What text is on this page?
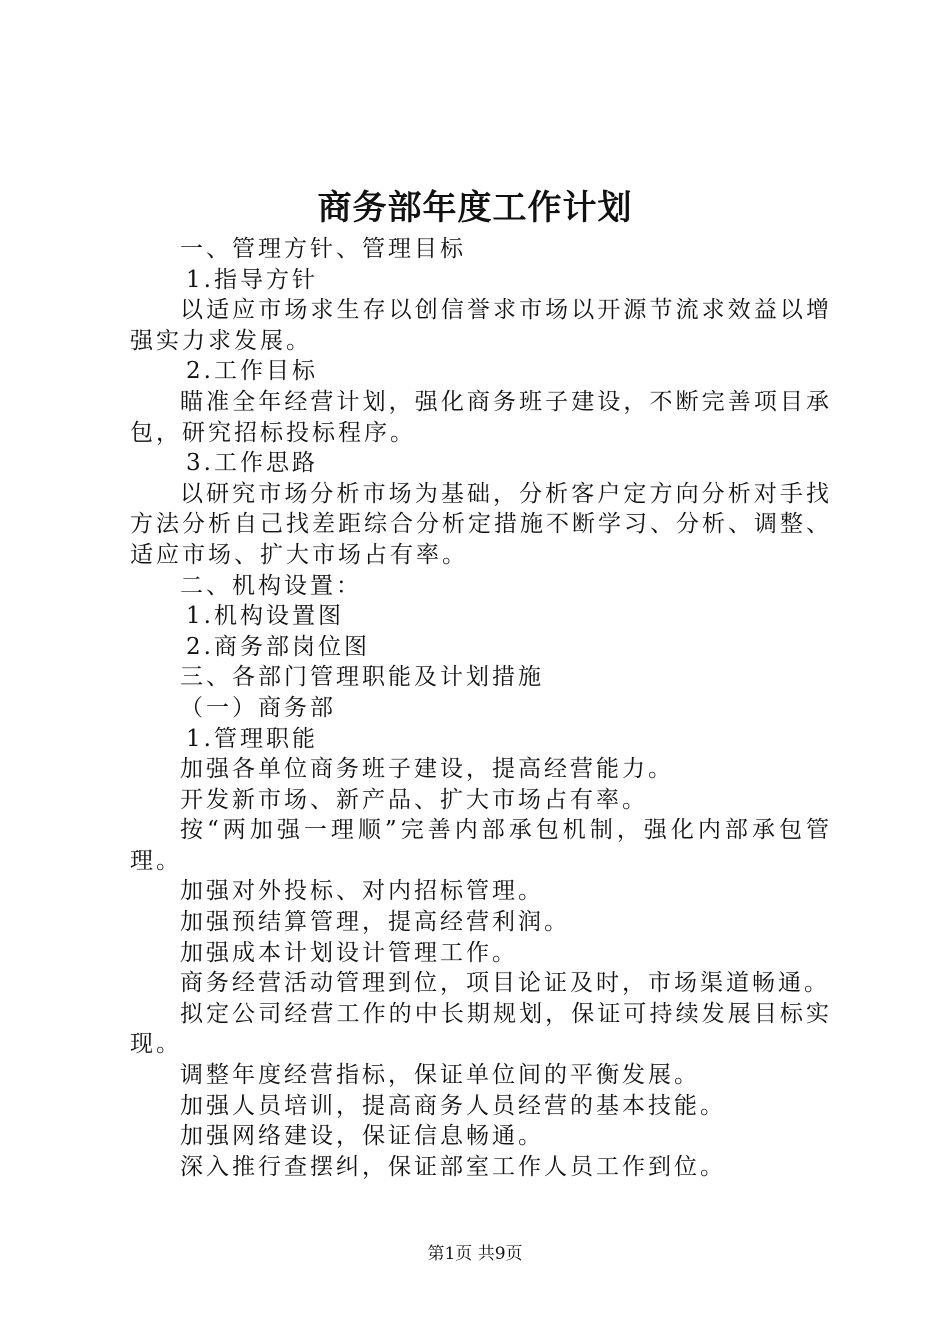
商务部年度工作计划

一、管理方针、管理目标

1.指导方针

以适应市场求生存以创信誉求市场以开源节流求效益以增强实力求发展。

2.工作目标

瞄准全年经营计划，强化商务班子建设，不断完善项目承包，研究招标投标程序。

3.工作思路

以研究市场分析市场为基础，分析客户定方向分析对手找方法分析自己找差距综合分析定措施不断学习、分析、调整、适应市场、扩大市场占有率。

二、机构设置：

1.机构设置图

2.商务部岗位图

三、各部门管理职能及计划措施

（一）商务部

1.管理职能

加强各单位商务班子建设，提高经营能力。

开发新市场、新产品、扩大市场占有率。

按“两加强一理顺”完善内部承包机制，强化内部承包管理。

加强对外投标、对内招标管理。

加强预结算管理，提高经营利润。

加强成本计划设计管理工作。

商务经营活动管理到位，项目论证及时，市场渠道畅通。

拟定公司经营工作的中长期规划，保证可持续发展目标实现。

调整年度经营指标，保证单位间的平衡发展。

加强人员培训，提高商务人员经营的基本技能。

加强网络建设，保证信息畅通。

深入推行查摆纠，保证部室工作人员工作到位。

第1页 共9页
